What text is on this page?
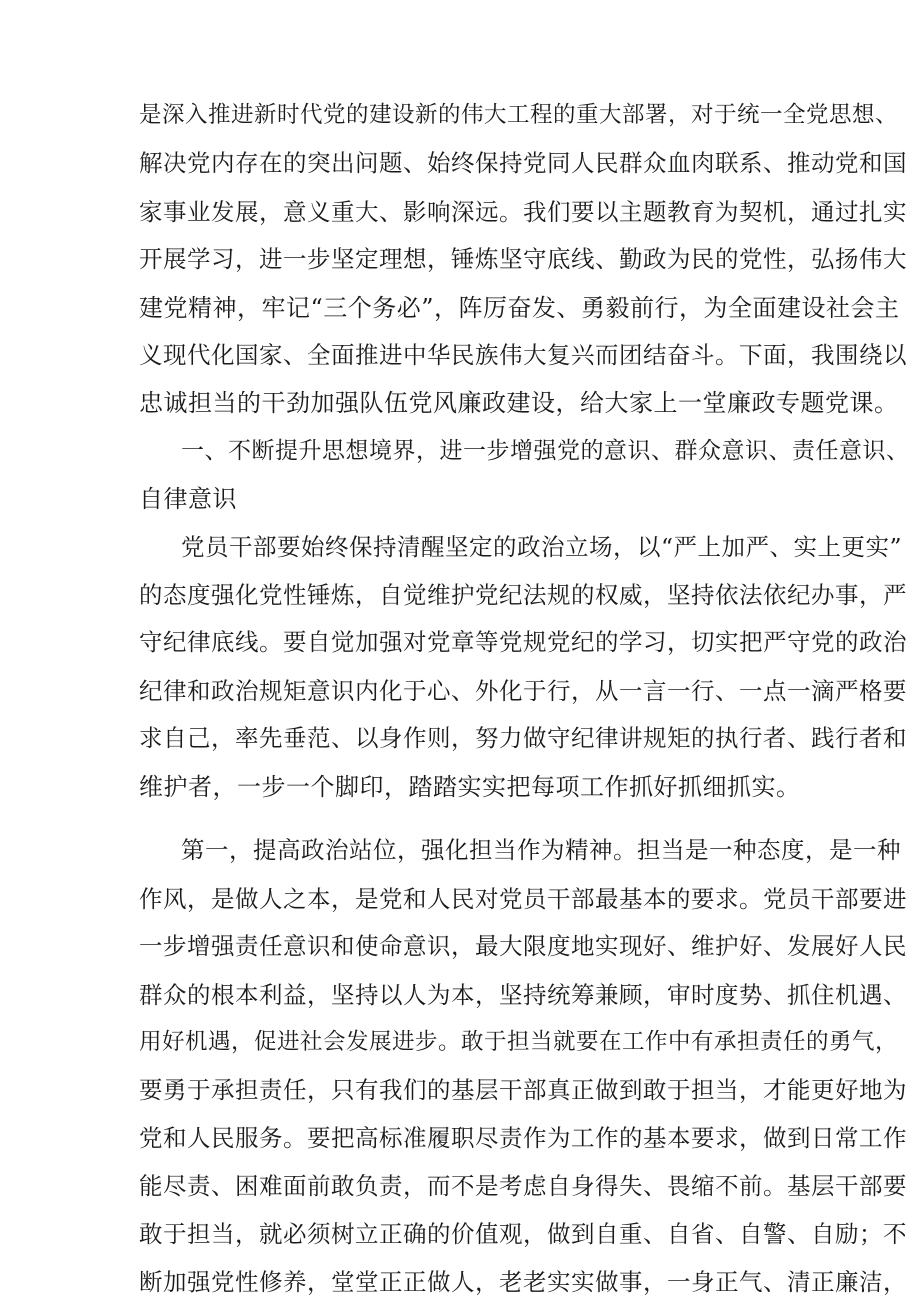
是深入推进新时代党的建设新的伟大工程的重大部署，对于统一全党思想、
解决党内存在的突出问题、始终保持党同人民群众血肉联系、推动党和国
家事业发展，意义重大、影响深远。我们要以主题教育为契机，通过扎实
开展学习，进一步坚定理想，锤炼坚守底线、勤政为民的党性，弘扬伟大
建党精神，牢记“三个务必”，阵厉奋发、勇毅前行，为全面建设社会主
义现代化国家、全面推进中华民族伟大复兴而团结奋斗。下面，我围绕以
忠诚担当的干劲加强队伍党风廉政建设，给大家上一堂廉政专题党课。
一、不断提升思想境界，进一步增强党的意识、群众意识、责任意识、
自律意识
党员干部要始终保持清醒坚定的政治立场，以“严上加严、实上更实”
的态度强化党性锤炼，自觉维护党纪法规的权威，坚持依法依纪办事，严
守纪律底线。要自觉加强对党章等党规党纪的学习，切实把严守党的政治
纪律和政治规矩意识内化于心、外化于行，从一言一行、一点一滴严格要
求自己，率先垂范、以身作则，努力做守纪律讲规矩的执行者、践行者和
维护者，一步一个脚印，踏踏实实把每项工作抓好抓细抓实。
第一，提高政治站位，强化担当作为精神。担当是一种态度，是一种
作风，是做人之本，是党和人民对党员干部最基本的要求。党员干部要进
一步增强责任意识和使命意识，最大限度地实现好、维护好、发展好人民
群众的根本利益，坚持以人为本，坚持统筹兼顾，审时度势、抓住机遇、
用好机遇，促进社会发展进步。敢于担当就要在工作中有承担责任的勇气，
要勇于承担责任，只有我们的基层干部真正做到敢于担当，才能更好地为
党和人民服务。要把高标准履职尽责作为工作的基本要求，做到日常工作
能尽责、困难面前敢负责，而不是考虑自身得失、畏缩不前。基层干部要
敢于担当，就必须树立正确的价值观，做到自重、自省、自警、自励；不
断加强党性修养，堂堂正正做人，老老实实做事，一身正气、清正廉洁，
